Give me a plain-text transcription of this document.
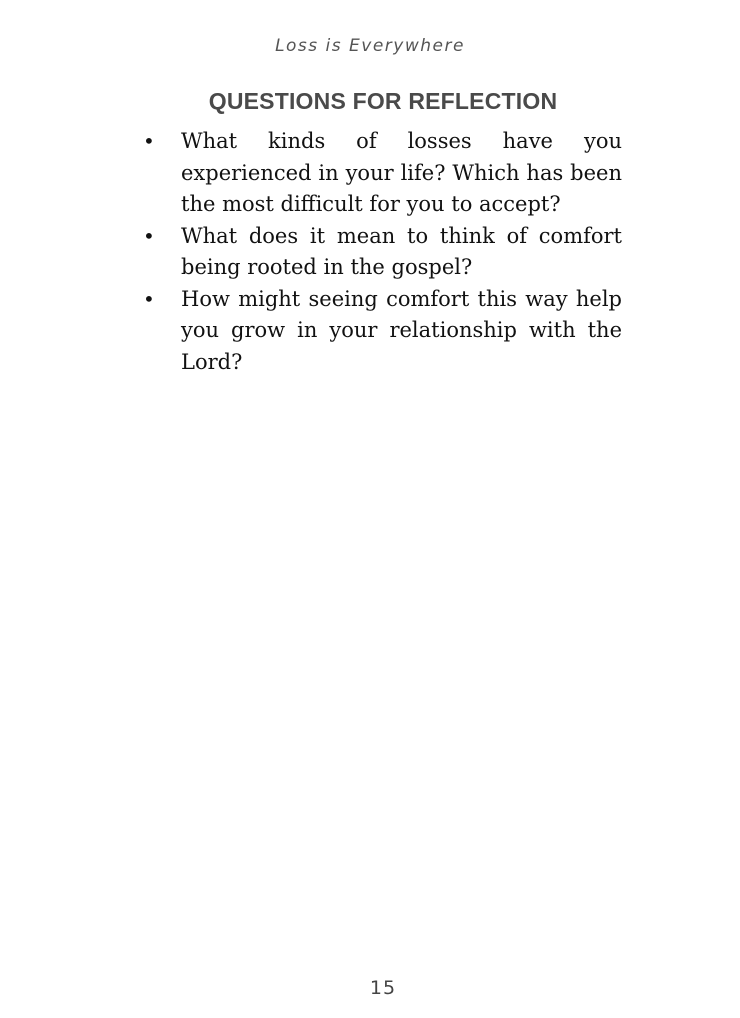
Loss is Everywhere
QUESTIONS FOR REFLECTION
• What kinds of losses have you experienced in your life? Which has been the most difficult for you to accept?
• What does it mean to think of comfort being rooted in the gospel?
• How might seeing comfort this way help you grow in your relationship with the Lord?
15
